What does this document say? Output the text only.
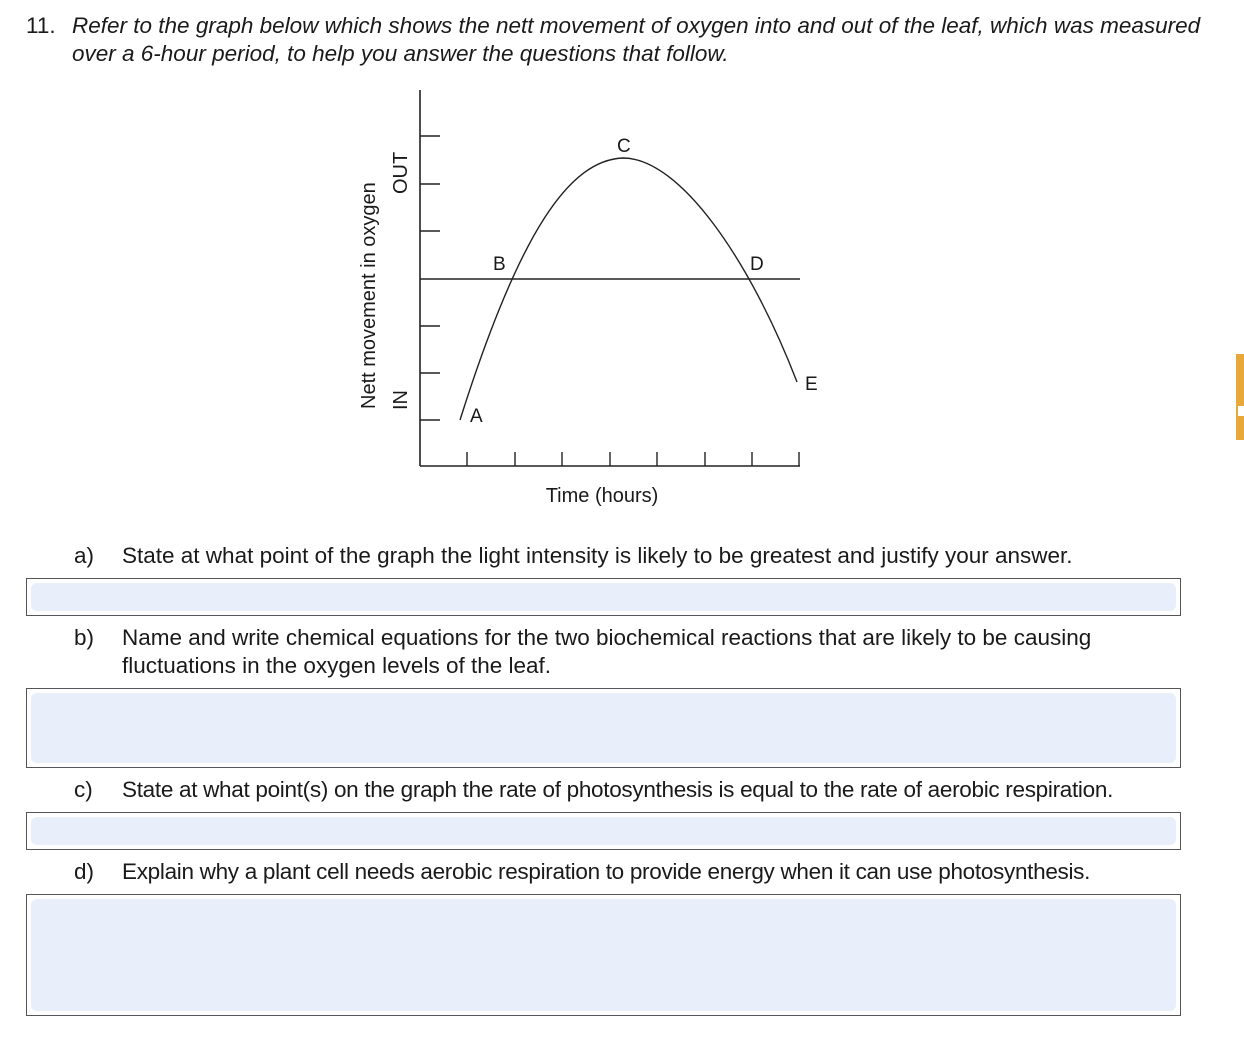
11. Refer to the graph below which shows the nett movement of oxygen into and out of the leaf, which was measured over a 6-hour period, to help you answer the questions that follow.
Nett movement in oxygen
OUT
IN
Time (hours)
A
B
C
D
E
a)	State at what point of the graph the light intensity is likely to be greatest and justify your answer.
b)	Name and write chemical equations for the two biochemical reactions that are likely to be causing fluctuations in the oxygen levels of the leaf.
c)	State at what point(s) on the graph the rate of photosynthesis is equal to the rate of aerobic respiration.
d)	Explain why a plant cell needs aerobic respiration to provide energy when it can use photosynthesis.
